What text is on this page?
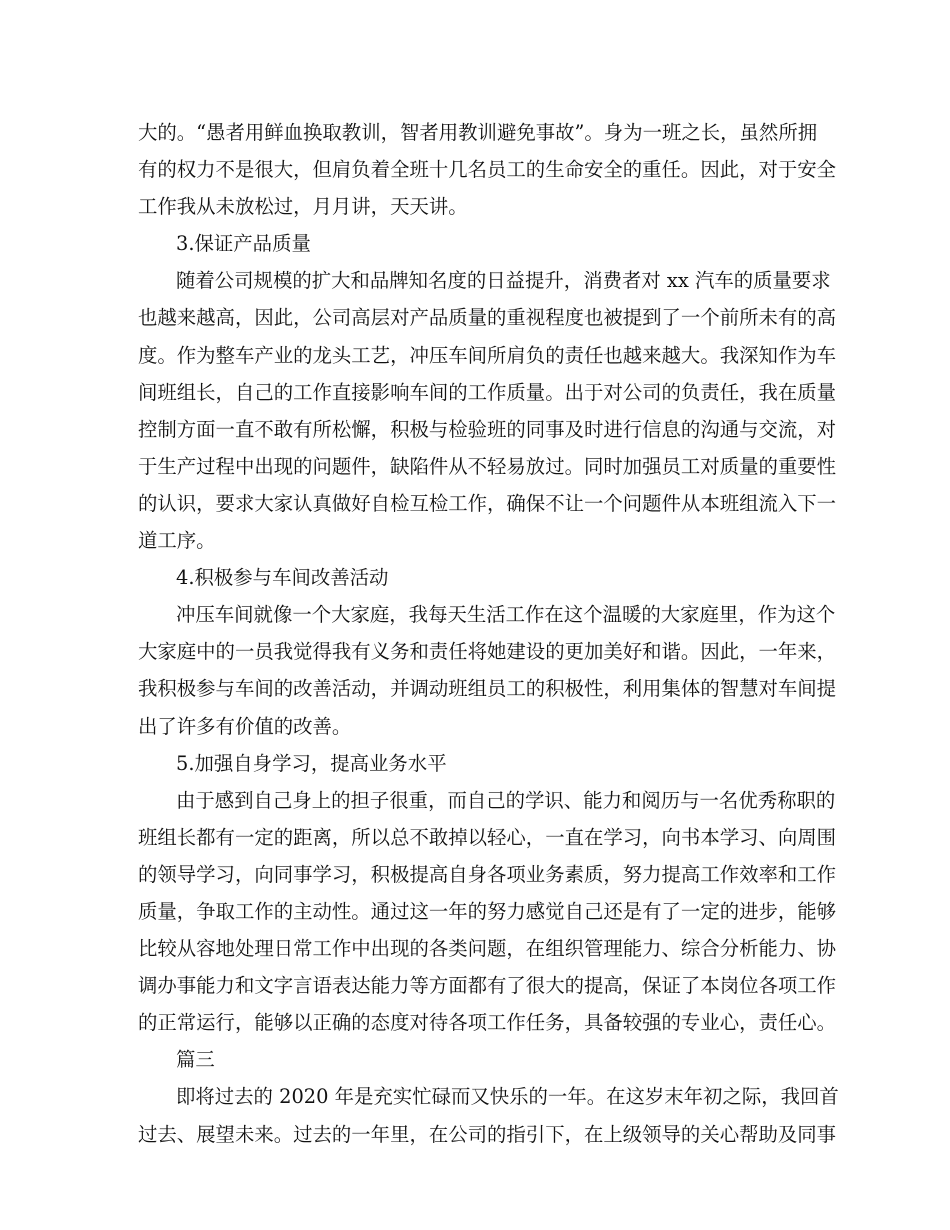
大的。“愚者用鲜血换取教训，智者用教训避免事故”。身为一班之长，虽然所拥
有的权力不是很大，但肩负着全班十几名员工的生命安全的重任。因此，对于安全
工作我从未放松过，月月讲，天天讲。
3.保证产品质量
随着公司规模的扩大和品牌知名度的日益提升，消费者对 xx 汽车的质量要求
也越来越高，因此，公司高层对产品质量的重视程度也被提到了一个前所未有的高
度。作为整车产业的龙头工艺，冲压车间所肩负的责任也越来越大。我深知作为车
间班组长，自己的工作直接影响车间的工作质量。出于对公司的负责任，我在质量
控制方面一直不敢有所松懈，积极与检验班的同事及时进行信息的沟通与交流，对
于生产过程中出现的问题件，缺陷件从不轻易放过。同时加强员工对质量的重要性
的认识，要求大家认真做好自检互检工作，确保不让一个问题件从本班组流入下一
道工序。
4.积极参与车间改善活动
冲压车间就像一个大家庭，我每天生活工作在这个温暖的大家庭里，作为这个
大家庭中的一员我觉得我有义务和责任将她建设的更加美好和谐。因此，一年来，
我积极参与车间的改善活动，并调动班组员工的积极性，利用集体的智慧对车间提
出了许多有价值的改善。
5.加强自身学习，提高业务水平
由于感到自己身上的担子很重，而自己的学识、能力和阅历与一名优秀称职的
班组长都有一定的距离，所以总不敢掉以轻心，一直在学习，向书本学习、向周围
的领导学习，向同事学习，积极提高自身各项业务素质，努力提高工作效率和工作
质量，争取工作的主动性。通过这一年的努力感觉自己还是有了一定的进步，能够
比较从容地处理日常工作中出现的各类问题，在组织管理能力、综合分析能力、协
调办事能力和文字言语表达能力等方面都有了很大的提高，保证了本岗位各项工作
的正常运行，能够以正确的态度对待各项工作任务，具备较强的专业心，责任心。
篇三
即将过去的 2020 年是充实忙碌而又快乐的一年。在这岁末年初之际，我回首
过去、展望未来。过去的一年里，在公司的指引下，在上级领导的关心帮助及同事
